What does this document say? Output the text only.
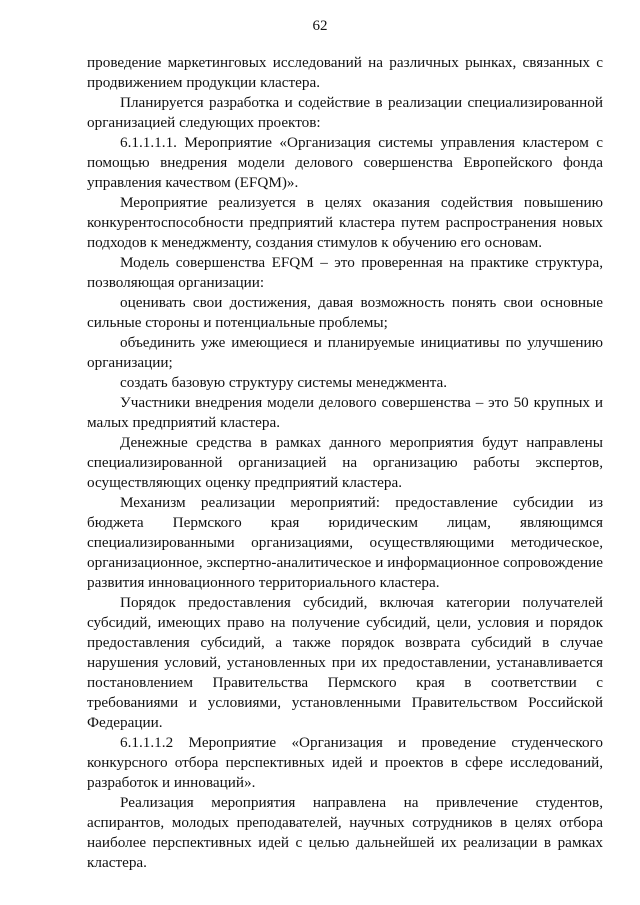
62

проведение маркетинговых исследований на различных рынках, связанных с продвижением продукции кластера.

Планируется разработка и содействие в реализации специализированной организацией следующих проектов:

6.1.1.1.1. Мероприятие «Организация системы управления кластером с помощью внедрения модели делового совершенства Европейского фонда управления качеством (EFQM)».

Мероприятие реализуется в целях оказания содействия повышению конкурентоспособности предприятий кластера путем распространения новых подходов к менеджменту, создания стимулов к обучению его основам.

Модель совершенства EFQM – это проверенная на практике структура, позволяющая организации:

оценивать свои достижения, давая возможность понять свои основные сильные стороны и потенциальные проблемы;

объединить уже имеющиеся и планируемые инициативы по улучшению организации;

создать базовую структуру системы менеджмента.

Участники внедрения модели делового совершенства – это 50 крупных и малых предприятий кластера.

Денежные средства в рамках данного мероприятия будут направлены специализированной организацией на организацию работы экспертов, осуществляющих оценку предприятий кластера.

Механизм реализации мероприятий: предоставление субсидии из бюджета Пермского края юридическим лицам, являющимся специализированными организациями, осуществляющими методическое, организационное, экспертно-аналитическое и информационное сопровождение развития инновационного территориального кластера.

Порядок предоставления субсидий, включая категории получателей субсидий, имеющих право на получение субсидий, цели, условия и порядок предоставления субсидий, а также порядок возврата субсидий в случае нарушения условий, установленных при их предоставлении, устанавливается постановлением Правительства Пермского края в соответствии с требованиями и условиями, установленными Правительством Российской Федерации.

6.1.1.1.2 Мероприятие «Организация и проведение студенческого конкурсного отбора перспективных идей и проектов в сфере исследований, разработок и инноваций».

Реализация мероприятия направлена на привлечение студентов, аспирантов, молодых преподавателей, научных сотрудников в целях отбора наиболее перспективных идей с целью дальнейшей их реализации в рамках кластера.
